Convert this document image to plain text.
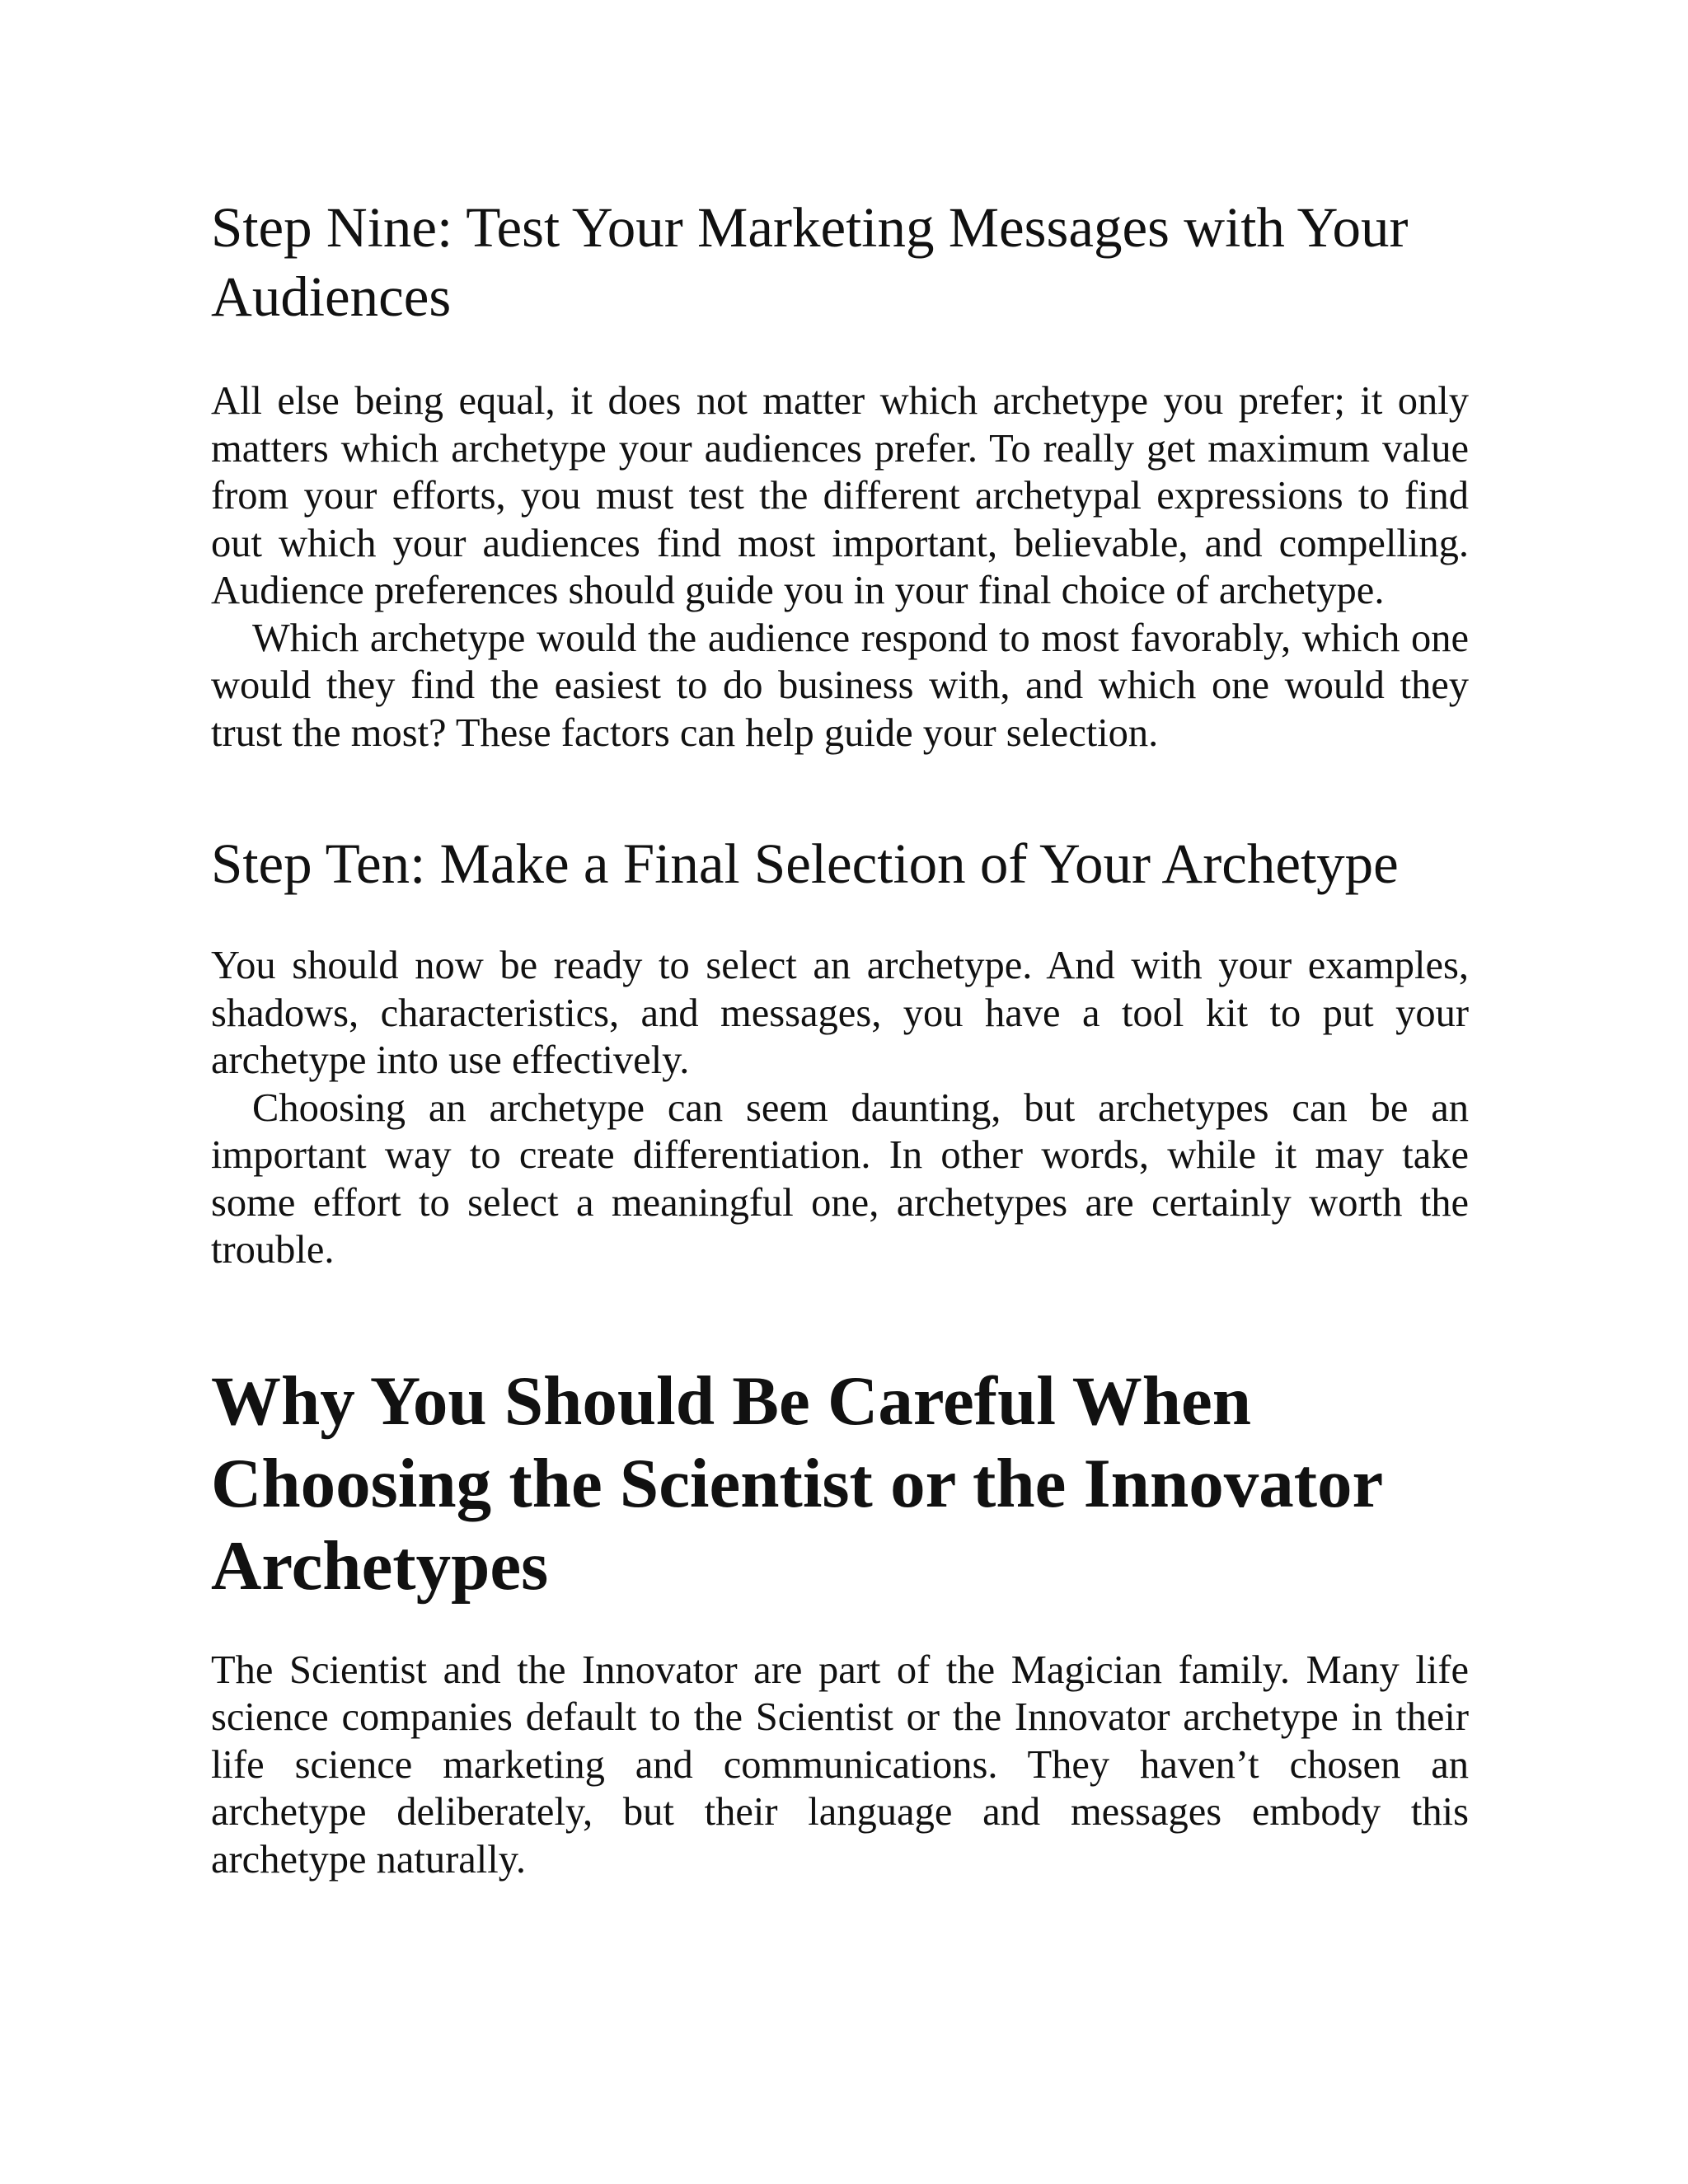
Step Nine: Test Your Marketing Messages with Your Audiences

All else being equal, it does not matter which archetype you prefer; it only matters which archetype your audiences prefer. To really get maximum value from your efforts, you must test the different archetypal expressions to find out which your audiences find most important, believable, and compelling. Audience preferences should guide you in your final choice of archetype.

Which archetype would the audience respond to most favorably, which one would they find the easiest to do business with, and which one would they trust the most? These factors can help guide your selection.

Step Ten: Make a Final Selection of Your Archetype

You should now be ready to select an archetype. And with your examples, shadows, characteristics, and messages, you have a tool kit to put your archetype into use effectively.

Choosing an archetype can seem daunting, but archetypes can be an important way to create differentiation. In other words, while it may take some effort to select a meaningful one, archetypes are certainly worth the trouble.

Why You Should Be Careful When Choosing the Scientist or the Innovator Archetypes

The Scientist and the Innovator are part of the Magician family. Many life science companies default to the Scientist or the Innovator archetype in their life science marketing and communications. They haven’t chosen an archetype deliberately, but their language and messages embody this archetype naturally.
